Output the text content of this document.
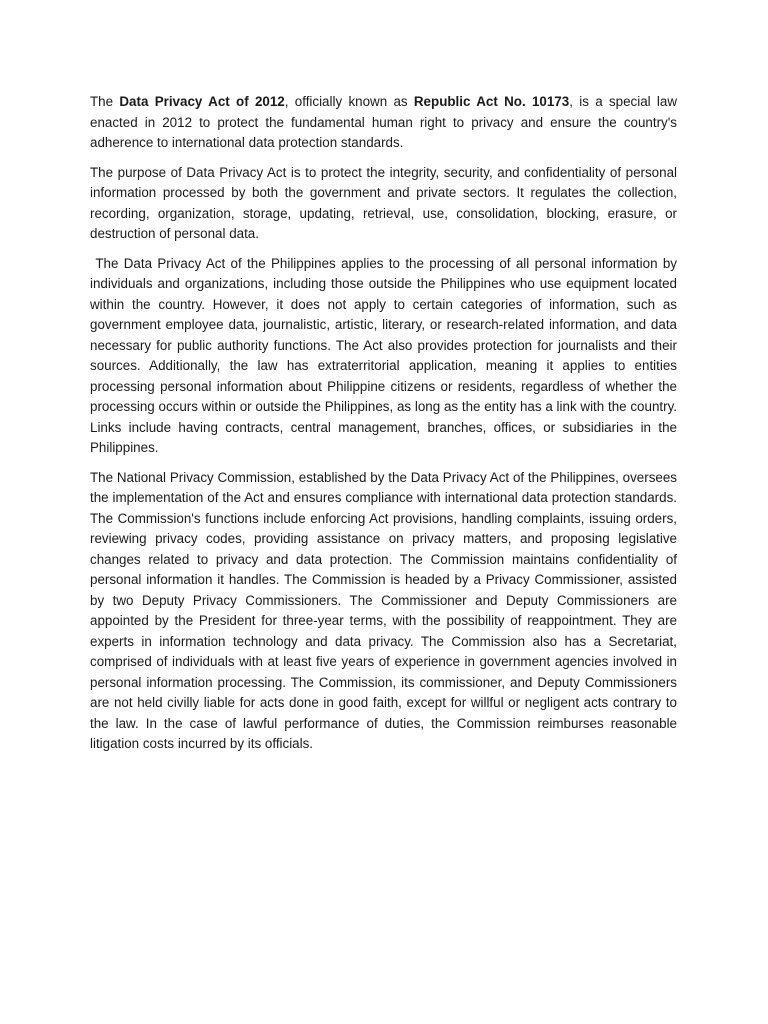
The Data Privacy Act of 2012, officially known as Republic Act No. 10173, is a special law enacted in 2012 to protect the fundamental human right to privacy and ensure the country's adherence to international data protection standards.

The purpose of Data Privacy Act is to protect the integrity, security, and confidentiality of personal information processed by both the government and private sectors. It regulates the collection, recording, organization, storage, updating, retrieval, use, consolidation, blocking, erasure, or destruction of personal data.

The Data Privacy Act of the Philippines applies to the processing of all personal information by individuals and organizations, including those outside the Philippines who use equipment located within the country. However, it does not apply to certain categories of information, such as government employee data, journalistic, artistic, literary, or research-related information, and data necessary for public authority functions. The Act also provides protection for journalists and their sources. Additionally, the law has extraterritorial application, meaning it applies to entities processing personal information about Philippine citizens or residents, regardless of whether the processing occurs within or outside the Philippines, as long as the entity has a link with the country. Links include having contracts, central management, branches, offices, or subsidiaries in the Philippines.

The National Privacy Commission, established by the Data Privacy Act of the Philippines, oversees the implementation of the Act and ensures compliance with international data protection standards. The Commission's functions include enforcing Act provisions, handling complaints, issuing orders, reviewing privacy codes, providing assistance on privacy matters, and proposing legislative changes related to privacy and data protection. The Commission maintains confidentiality of personal information it handles. The Commission is headed by a Privacy Commissioner, assisted by two Deputy Privacy Commissioners. The Commissioner and Deputy Commissioners are appointed by the President for three-year terms, with the possibility of reappointment. They are experts in information technology and data privacy. The Commission also has a Secretariat, comprised of individuals with at least five years of experience in government agencies involved in personal information processing. The Commission, its commissioner, and Deputy Commissioners are not held civilly liable for acts done in good faith, except for willful or negligent acts contrary to the law. In the case of lawful performance of duties, the Commission reimburses reasonable litigation costs incurred by its officials.
